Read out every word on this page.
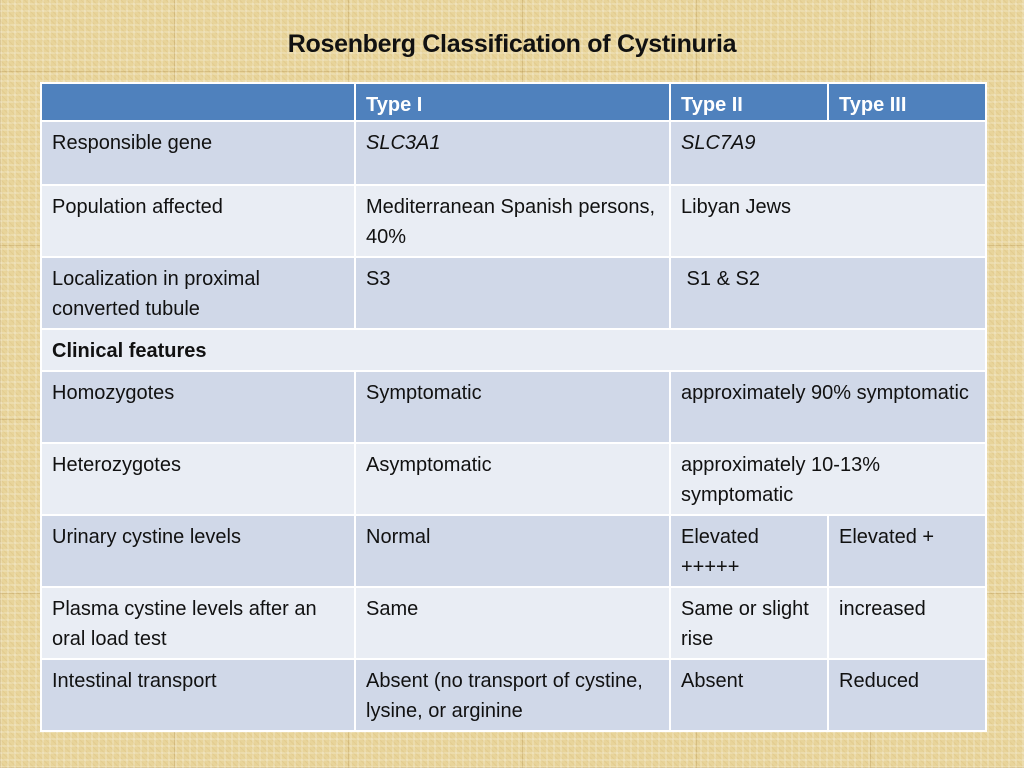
Rosenberg Classification of Cystinuria
	Type I	Type II	Type III
Responsible gene	SLC3A1	SLC7A9	
Population affected	Mediterranean Spanish persons, 40%	Libyan Jews	
Localization in proximal converted tubule	S3	S1 & S2	
Clinical features			
Homozygotes	Symptomatic	approximately 90% symptomatic	
Heterozygotes	Asymptomatic	approximately 10-13% symptomatic	
Urinary cystine levels	Normal	Elevated +++++	Elevated +
Plasma cystine levels after an oral load test	Same	Same or slight rise	increased
Intestinal transport	Absent (no transport of cystine, lysine, or arginine	Absent	Reduced
